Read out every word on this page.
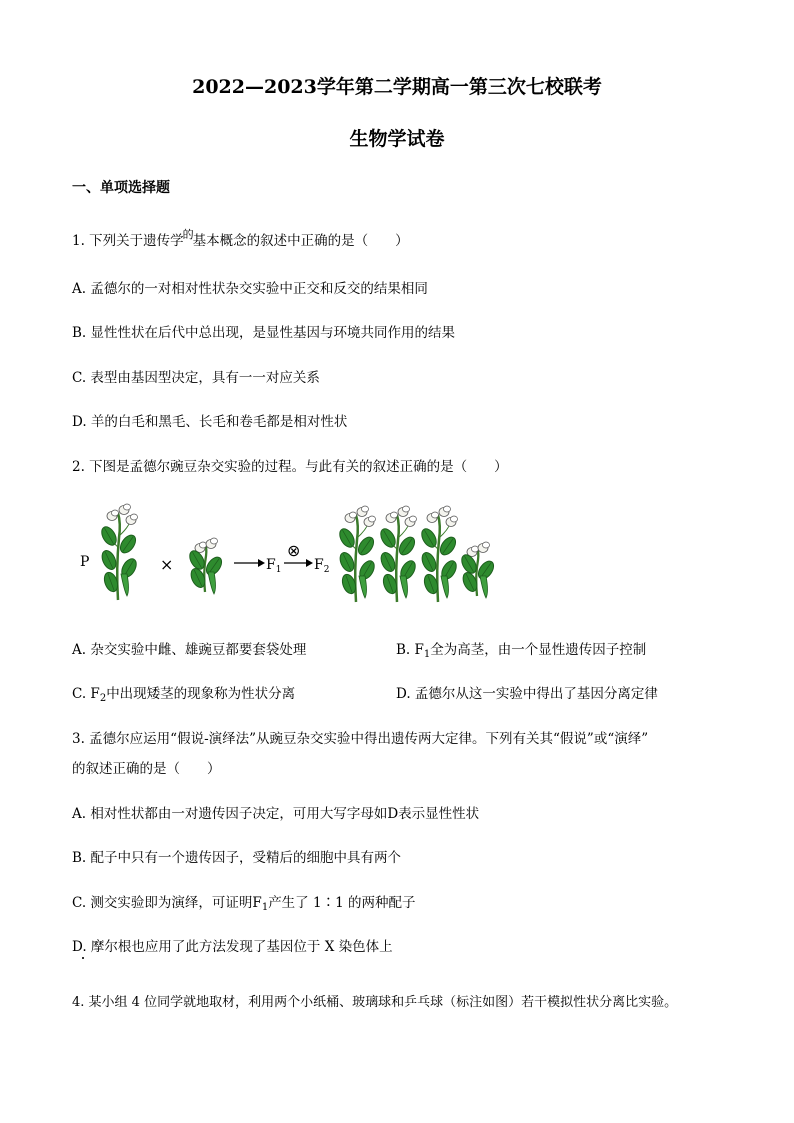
2022—2023学年第二学期高一第三次七校联考
生物学试卷
一、单项选择题
1. 下列关于遗传学$^的$基本概念的叙述中正确的是（　　）
A. 孟德尔的一对相对性状杂交实验中正交和反交的结果相同
B. 显性性状在后代中总出现，是显性基因与环境共同作用的结果
C. 表型由基因型决定，具有一一对应关系
D. 羊的白毛和黑毛、长毛和卷毛都是相对性状
2. 下图是孟德尔豌豆杂交实验的过程。与此有关的叙述正确的是（　　）
P	×	$F_1$
⊗
$F_2$
A. 杂交实验中雌、雄豌豆都要套袋处理	B. $F_1$全为高茎，由一个显性遗传因子控制
C. $F_2$中出现矮茎的现象称为性状分离	D. 孟德尔从这一实验中得出了基因分离定律
3. 孟德尔应运用“假说-演绎法”从豌豆杂交实验中得出遗传两大定律。下列有关其“假说”或“演绎”
的叙述正确的是（　　）
A. 相对性状都由一对遗传因子决定，可用大写字母如D表示显性性状
B. 配子中只有一个遗传因子，受精后的细胞中具有两个
C. 测交实验即为演绎，可证明$F_1$产生了 1∶1 的两种配子
D. 摩尔根也应用了此方法发现了基因位于 X 染色体上
4. 某小组 4 位同学就地取材，利用两个小纸桶、玻璃球和乒乓球（标注如图）若干模拟性状分离比实验。
